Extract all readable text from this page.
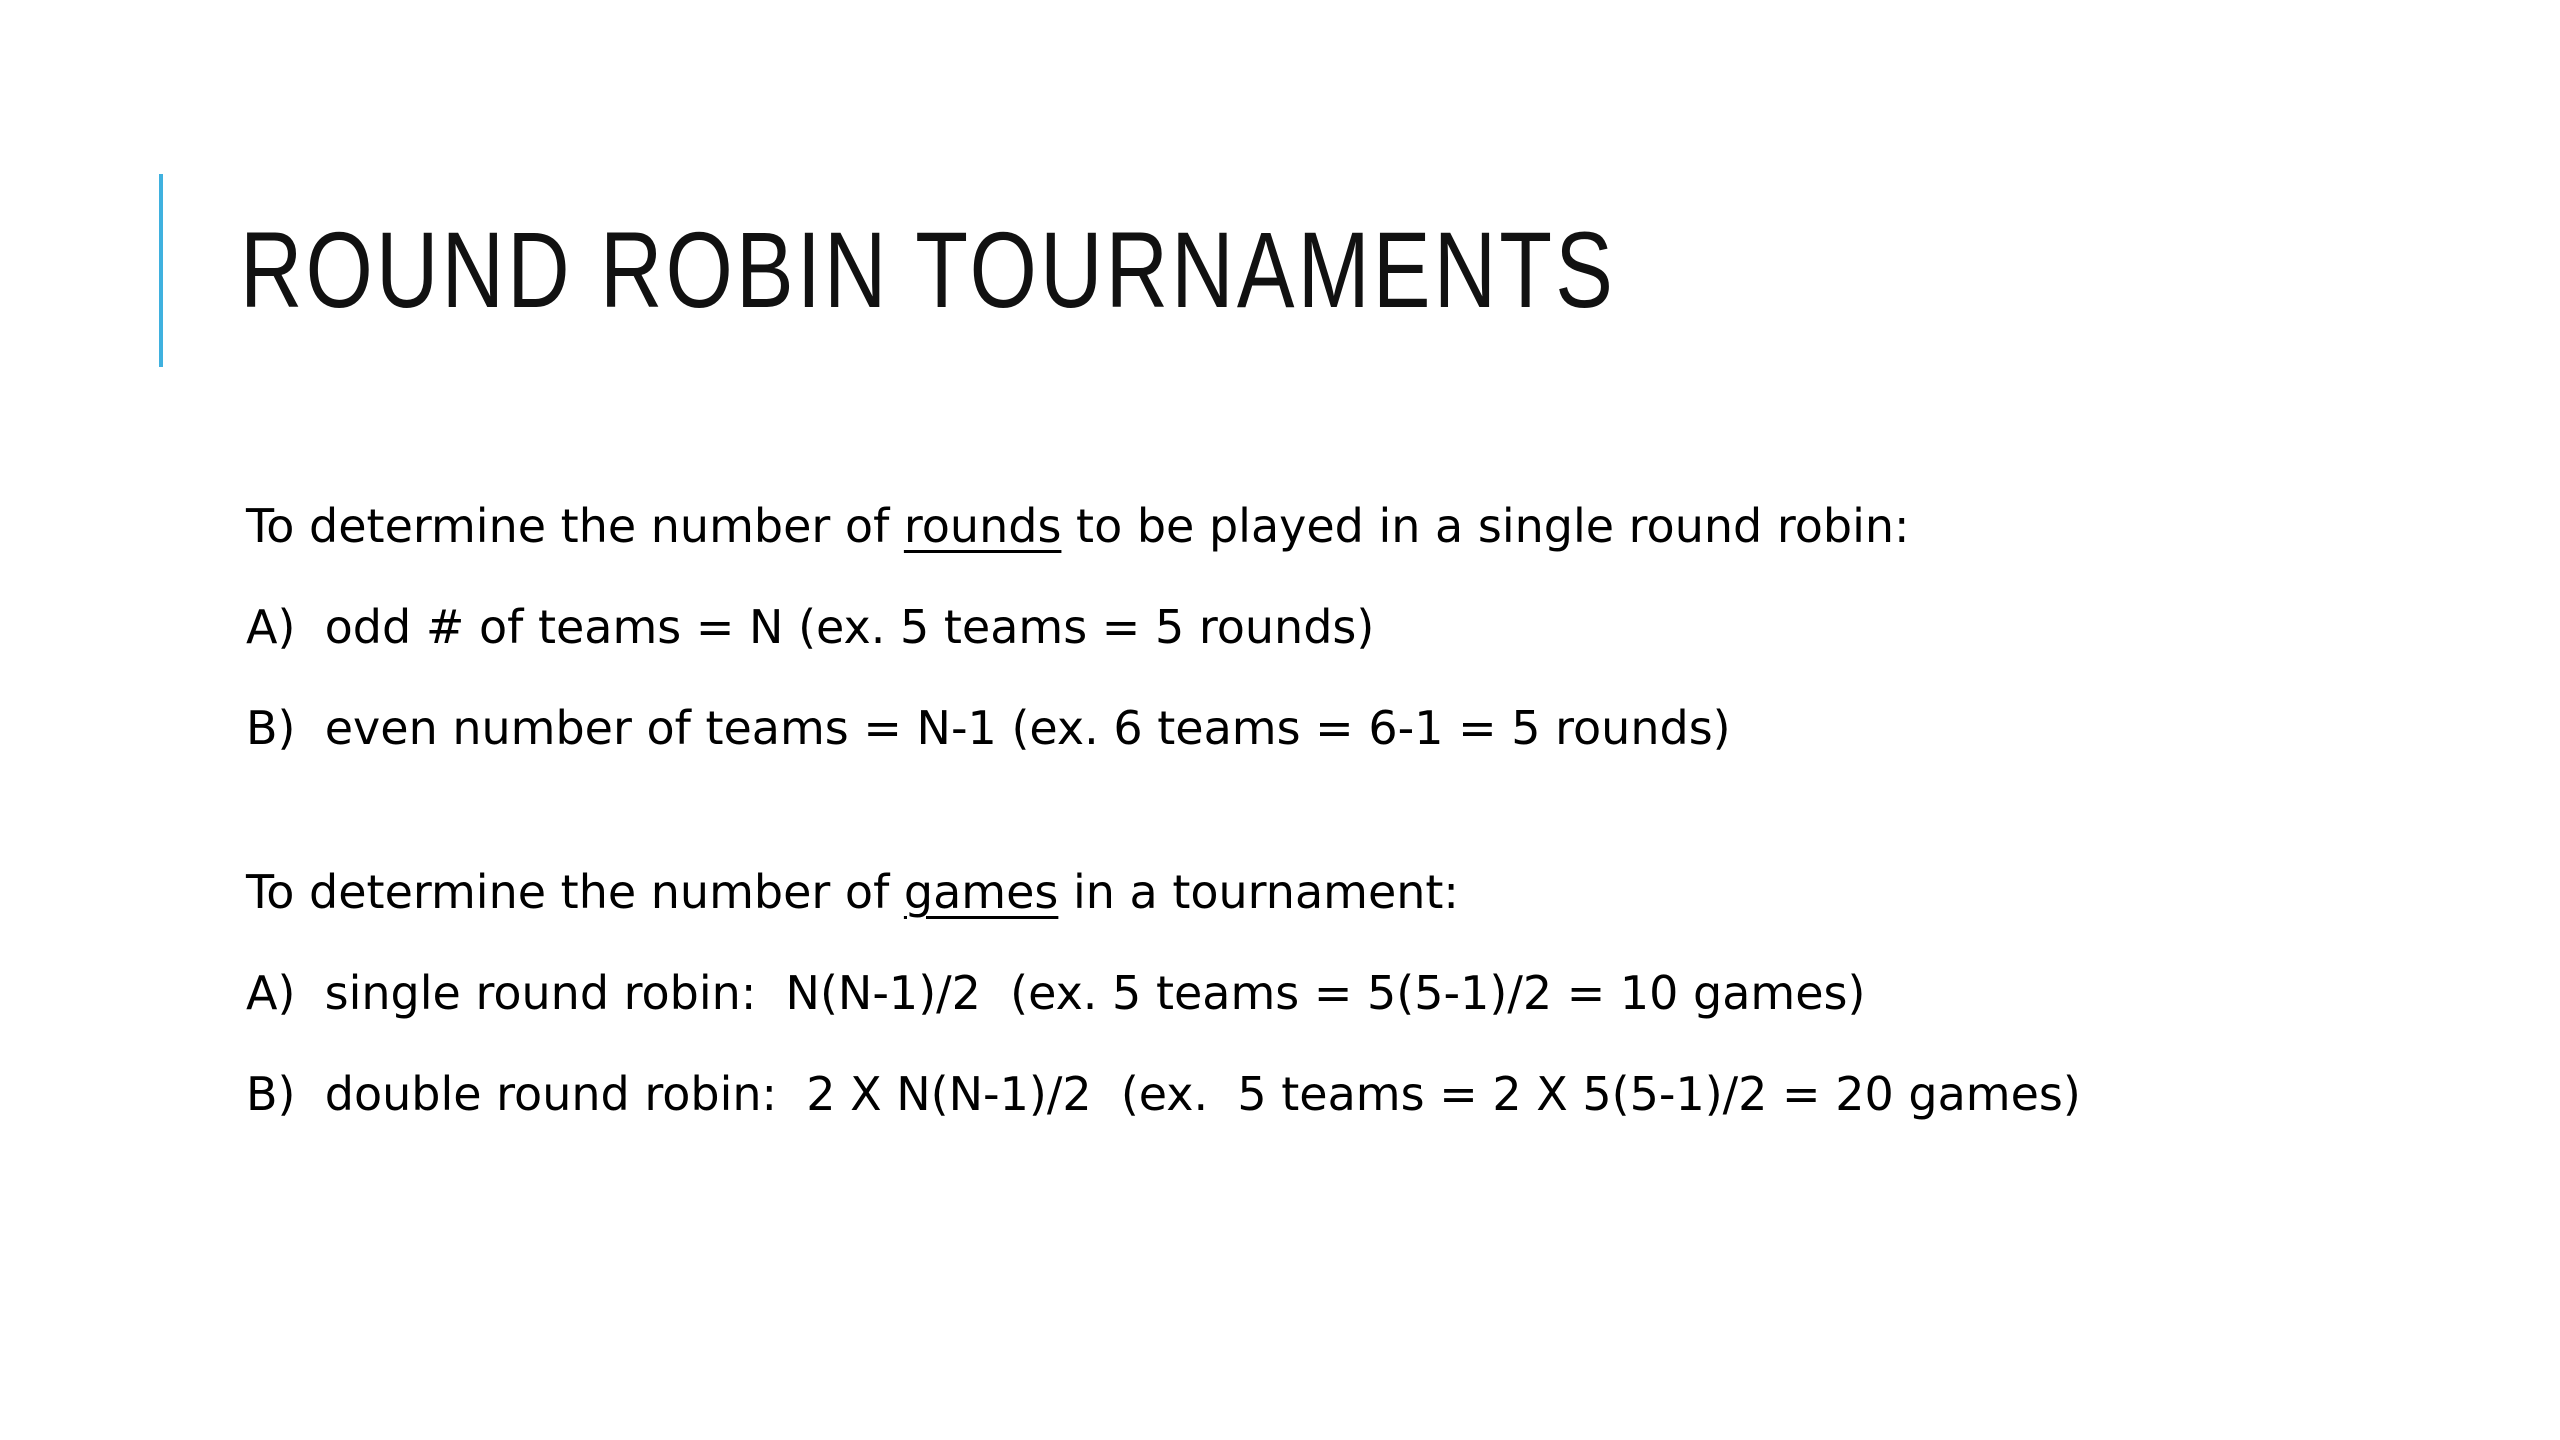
ROUND ROBIN TOURNAMENTS

To determine the number of rounds to be played in a single round robin:

A)  odd # of teams = N (ex. 5 teams = 5 rounds)

B)  even number of teams = N-1 (ex. 6 teams = 6-1 = 5 rounds)

To determine the number of games in a tournament:

A)  single round robin:  N(N-1)/2  (ex. 5 teams = 5(5-1)/2 = 10 games)

B)  double round robin:  2 X N(N-1)/2  (ex.  5 teams = 2 X 5(5-1)/2 = 20 games)
